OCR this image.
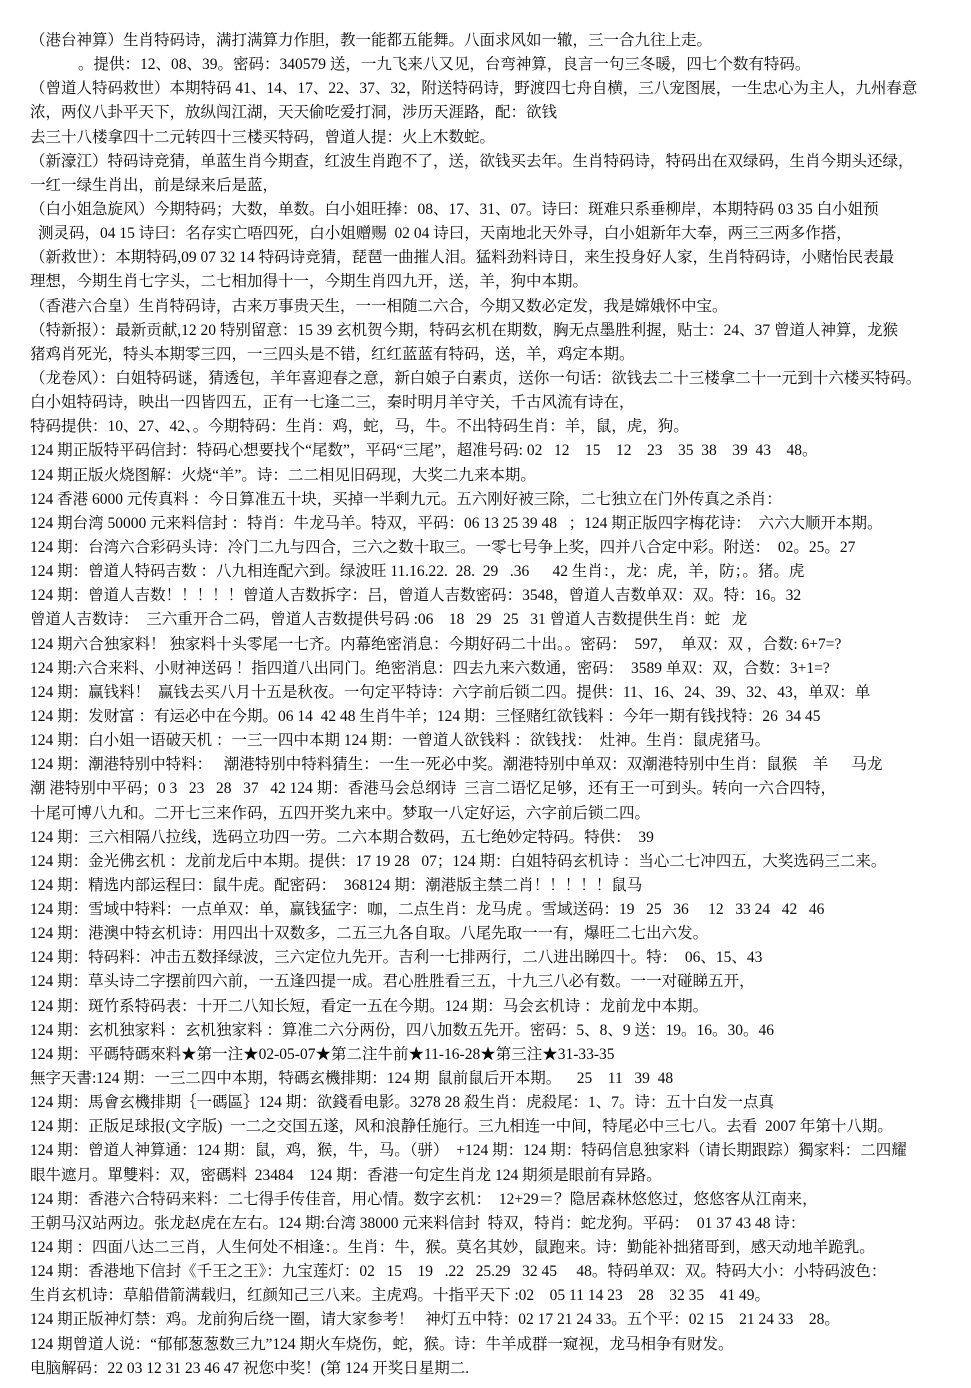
（港台神算）生肖特码诗，满打满算力作胆，教一能都五能舞。八面求风如一辙，三一合九往上走。
。提供：12、08、39。密码：340579 送，一九飞来八又见，台弯神算，良言一句三冬暖，四七个数有特码。
（曾道人特码救世）本期特码 41、14、17、22、37、32，附送特码诗，野渡四七舟自横，三八宠图展，一生忠心为主人，九州春意
浓，两仪八卦平天下，放纵闯江湖，天天偷吃爱打洞，涉历天涯路，配：欲钱
去三十八楼拿四十二元转四十三楼买特码，曾道人提：火上木数蛇。
（新濠江）特码诗竞猜，单蓝生肖今期查，红波生肖跑不了，送，欲钱买去年。生肖特码诗，特码出在双绿码，生肖今期头还绿，
一红一绿生肖出，前是绿来后是蓝，
（白小姐急旋风）今期特码；大数，单数。白小姐旺捧：08、17、31、07。诗曰：斑难只系垂柳岸，本期特码 03 35 白小姐预
测灵码，04 15 诗曰：名存实亡唔四死，白小姐赠赐  02 04 诗曰，天南地北天外寻，白小姐新年大奉，两三三两多作搭，
（新救世）：本期特码,09 07 32 14 特码诗竞猜，琵琶一曲摧人泪。猛料劲料诗日，来生投身好人家，生肖特码诗，小赌怡民表最
理想，今期生肖七字头，二七相加得十一，今期生肖四九开，送，羊，狗中本期。
（香港六合皇）生肖特码诗，古来万事贵天生，一一相随二六合，今期又数必定发，我是嫦娥怀中宝。
（特新报）：最新贡献,12 20 特别留意：15 39 玄机贺今期，特码玄机在期数，胸无点墨胜利握，贴士：24、37 曾道人神算，龙猴
猪鸡肖死光，特头本期零三四，一三四头是不错，红红蓝蓝有特码，送，羊，鸡定本期。
（龙卷风）：白姐特码谜，猜透包，羊年喜迎春之意，新白娘子白素贞，送你一句话：欲钱去二十三楼拿二十一元到十六楼买特码。
白小姐特码诗，映出一四皆四五，正有一七逢二三，秦时明月羊守关，千古风流有诗在，
特码提供：10、27、42、。今期特码：生肖：鸡，蛇，马，牛。不出特码生肖：羊，鼠，虎，狗。
124 期正版特平码信封：特码心想要找个“尾数”，平码“三尾”，超准号码: 02   12    15    12    23    35  38    39  43    48。
124 期正版火烧图解：火烧“羊”。诗：二二相见旧码现，大奖二九来本期。
124 香港 6000 元传真料 ：今日算准五十块，买掉一半剩九元。五六刚好被三除，二七独立在门外传真之杀肖：
124 期台湾 50000 元来料信封 ：特肖：牛龙马羊。特双，平码：06 13 25 39 48   ；124 期正版四字梅花诗：  六六大顺开本期。
124 期：台湾六合彩码头诗：冷门二九与四合，三六之数十取三。一零七号争上奖，四并八合定中彩。附送：  02。25。27
124 期：曾道人特码吉数 ：八九相连配六到。绿波旺 11.16.22.  28.  29   .36      42 生肖：，龙：虎，羊，防；。猪。虎
124 期：曾道人吉数！！！！！曾道人吉数拆字：吕，曾道人吉数密码：3548，曾道人吉数单双：双。特：16。32
曾道人吉数诗：  三六重开合二码，曾道人吉数提供号码 :06    18   29   25   31 曾道人吉数提供生肖：蛇   龙
124 期六合独家料！ 独家料十头零尾一七齐。内幕绝密消息：今期好码二十出。。密码：  597，  单双：双 ，合数: 6+7=?
124 期:六合来料、小财神送码 ！指四道八出同门。绝密消息：四去九来六数通，密码：  3589 单双：双，合数：3+1=?
124 期：赢钱料！  赢钱去买八月十五是秋夜。一句定平特诗：六字前后锁二四。提供：11、16、24、39、32、43，单双：单
124 期：发财富 ：有运必中在今期。06 14  42 48 生肖牛羊；124 期：三怪赌红欲钱料 ：今年一期有钱找特：26  34 45
124 期：白小姐一语破天机 ：一三一四中本期 124 期：一曾道人欲钱料 ：欲钱找：  灶神。生肖：鼠虎猪马。
124 期：潮港特别中特料：   潮港特别中特料猜生：一生一死必中奖。潮港特别中单双：双潮港特别中生肖：鼠猴    羊      马龙
潮 港特别中平码；0 3   23   28   37   42 124 期：香港马会总纲诗  三言二语忆足够，还有王一可到头。转向一六合四特，
十尾可博八九和。二开七三来作码，五四开奖九来中。梦取一八定好运，六字前后锁二四。
124 期：三六相隔八拉线，选码立功四一劳。二六本期合数码，五七绝妙定特码。特供：  39
124 期：金光佛玄机 ：龙前龙后中本期。提供：17 19 28   07；124 期：白姐特码玄机诗 ：当心二七冲四五，大奖选码三二来。
124 期：精选内部运程曰：鼠牛虎。配密码：  368124 期：潮港版主禁二肖！！！！！鼠马
124 期：雪域中特料：一点单双：单，赢钱猛字：咖，二点生肖：龙马虎 。雪域送码：19   25   36     12   33 24   42   46
124 期：港澳中特玄机诗：用四出十双数多，二五三九各自取。八尾先取一一有，爆旺二七出六发。
124 期：特码料：冲击五数择绿波，三六定位九先开。吉利一七排两行，二八进出睇四十。特：  06、15、43
124 期：草头诗二字摆前四六前，一五逢四提一成。君心胜胜看三五，十九三八必有数。一一对碰睇五开，
124 期：斑竹系特码表：十开二八知长短，看定一五在今期。124 期：马会玄机诗 ：龙前龙中本期。
124 期：玄机独家料 ：玄机独家料 ：算准二六分两份，四八加数五先开。密码：5、8、9 送：19。16。30。46
124 期：平碼特碼來料★第一注★02-05-07★第二注牛前★11-16-28★第三注★31-33-35
無字天書:124 期：一三二四中本期，特碼玄機排期：124 期  鼠前鼠后开本期。    25    11   39  48
124 期：馬會玄機排期｛一碼區｝124 期：欲錢看电影。3278 28 殺生肖：虎殺尾：1、7。诗：五十白发一点真
124 期：正版足球报(文字版)  一二之交国五遂，风和浪静任施行。三九相连一中间，特尾必中三七八。去看  2007 年第十八期。
124 期：曾道人神算通：124 期：鼠，鸡，猴，牛，马。（骈）  +124 期：124 期：特码信息独家料（请长期跟踪）獨家料：二四耀
眼牛遮月。單雙料：双，密碼料  23484    124 期：香港一句定生肖龙 124 期须是眼前有异路。
124 期：香港六合特码来料：二七得手传佳音，用心情。数字玄机：  12+29＝？隐居森林悠悠过，悠悠客从江南来，
王朝马汉站两边。张龙赵虎在左右。124 期:台湾 38000 元来料信封  特双，特肖：蛇龙狗。平码：  01 37 43 48 诗：
124 期 ：四面八达二三肖，人生何处不相逢：。生肖：牛，猴。莫名其妙，鼠跑来。诗：勤能补拙猪哥到，感天动地羊跪乳。
124 期：香港地下信封《千王之王》：九宝莲灯：02   15    19   .22   25.29   32 45     48。特码单双：双。特码大小：小特码波色：
生肖玄机诗：草船借箭满载归，红颜知己三八来。主虎鸡。十指平天下 :02    05 11 14 23    28    32 35    41 49。
124 期正版神灯禁：鸡。龙前狗后绕一圈，请大家参考！   神灯五中特：02 17 21 24 33。五个平：02 15    21 24 33    28。
124 期曾道人说：“郁郁葱葱数三九”124 期火车烧伤，蛇，猴。诗：牛羊成群一窥视，龙马相争有财发。
电脑解码：22 03 12 31 23 46 47 祝您中奖！(第 124 开奖日星期二.
